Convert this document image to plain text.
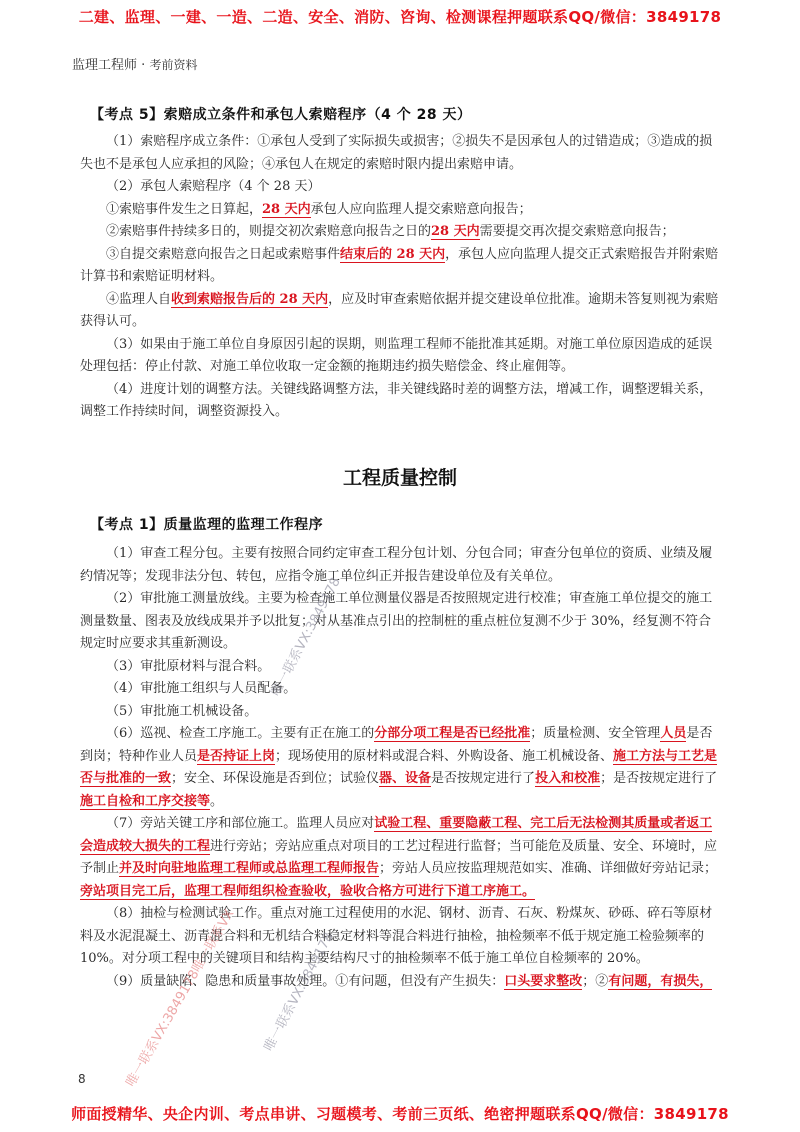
二建、监理、一建、一造、二造、安全、消防、咨询、检测课程押题联系QQ/微信：3849178
监理工程师 · 考前资料
【考点 5】索赔成立条件和承包人索赔程序（4 个 28 天）

（1）索赔程序成立条件：①承包人受到了实际损失或损害；②损失不是因承包人的过错造成；③造成的损失也不是承包人应承担的风险；④承包人在规定的索赔时限内提出索赔申请。

（2）承包人索赔程序（4 个 28 天）

①索赔事件发生之日算起，28 天内承包人应向监理人提交索赔意向报告；

②索赔事件持续多日的，则提交初次索赔意向报告之日的28 天内需要提交再次提交索赔意向报告；

③自提交索赔意向报告之日起或索赔事件结束后的 28 天内，承包人应向监理人提交正式索赔报告并附索赔计算书和索赔证明材料。

④监理人自收到索赔报告后的 28 天内，应及时审查索赔依据并提交建设单位批准。逾期未答复则视为索赔获得认可。

（3）如果由于施工单位自身原因引起的误期，则监理工程师不能批准其延期。对施工单位原因造成的延误处理包括：停止付款、对施工单位收取一定金额的拖期违约损失赔偿金、终止雇佣等。

（4）进度计划的调整方法。关键线路调整方法，非关键线路时差的调整方法，增减工作，调整逻辑关系，调整工作持续时间，调整资源投入。

工程质量控制
【考点 1】质量监理的监理工作程序

（1）审查工程分包。主要有按照合同约定审查工程分包计划、分包合同；审查分包单位的资质、业绩及履约情况等；发现非法分包、转包，应指令施工单位纠正并报告建设单位及有关单位。

（2）审批施工测量放线。主要为检查施工单位测量仪器是否按照规定进行校准；审查施工单位提交的施工测量数量、图表及放线成果并予以批复；对从基准点引出的控制桩的重点桩位复测不少于 30%，经复测不符合规定时应要求其重新测设。

（3）审批原材料与混合料。

（4）审批施工组织与人员配备。

（5）审批施工机械设备。

（6）巡视、检查工序施工。主要有正在施工的分部分项工程是否已经批准；质量检测、安全管理人员是否到岗；特种作业人员是否持证上岗；现场使用的原材料或混合料、外购设备、施工机械设备、施工方法与工艺是否与批准的一致；安全、环保设施是否到位；试验仪器、设备是否按规定进行了投入和校准；是否按规定进行了施工自检和工序交接等。

（7）旁站关键工序和部位施工。监理人员应对试验工程、重要隐蔽工程、完工后无法检测其质量或者返工会造成较大损失的工程进行旁站；旁站应重点对项目的工艺过程进行监督；当可能危及质量、安全、环境时，应予制止并及时向驻地监理工程师或总监理工程师报告；旁站人员应按监理规范如实、准确、详细做好旁站记录；旁站项目完工后，监理工程师组织检查验收，验收合格方可进行下道工序施工。

（8）抽检与检测试验工作。重点对施工过程使用的水泥、钢材、沥青、石灰、粉煤灰、砂砾、碎石等原材料及水泥混凝土、沥青混合料和无机结合料稳定材料等混合料进行抽检，抽检频率不低于规定施工检验频率的 10%。对分项工程中的关键项目和结构主要结构尺寸的抽检频率不低于施工单位自检频率的 20%。

（9）质量缺陷、隐患和质量事故处理。①有问题，但没有产生损失：口头要求整改；②有问题，有损失，

唯一联系VX:3849178
唯一联系VX:3849178唯一联系VX 唯一联系VX:3849178
8
师面授精华、央企内训、考点串讲、习题模考、考前三页纸、绝密押题联系QQ/微信：3849178
